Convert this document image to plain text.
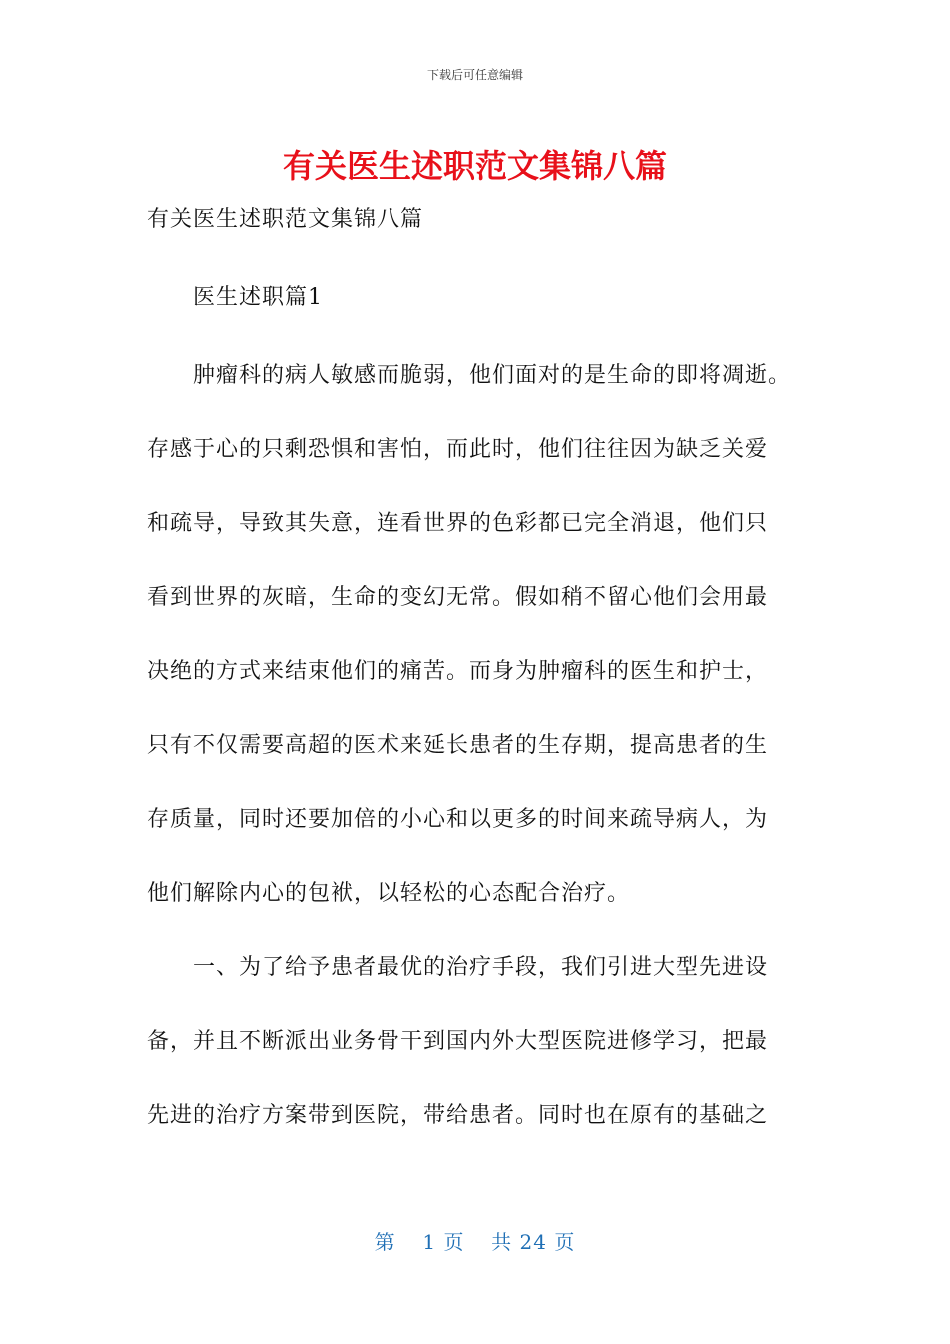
下载后可任意编辑
有关医生述职范文集锦八篇
有关医生述职范文集锦八篇
医生述职篇1
肿瘤科的病人敏感而脆弱，他们面对的是生命的即将凋逝。
存感于心的只剩恐惧和害怕，而此时，他们往往因为缺乏关爱
和疏导，导致其失意，连看世界的色彩都已完全消退，他们只
看到世界的灰暗，生命的变幻无常。假如稍不留心他们会用最
决绝的方式来结束他们的痛苦。而身为肿瘤科的医生和护士，
只有不仅需要高超的医术来延长患者的生存期，提高患者的生
存质量，同时还要加倍的小心和以更多的时间来疏导病人，为
他们解除内心的包袱，以轻松的心态配合治疗。
一、为了给予患者最优的治疗手段，我们引进大型先进设
备，并且不断派出业务骨干到国内外大型医院进修学习，把最
先进的治疗方案带到医院，带给患者。同时也在原有的基础之
第 1 页 共 24 页
